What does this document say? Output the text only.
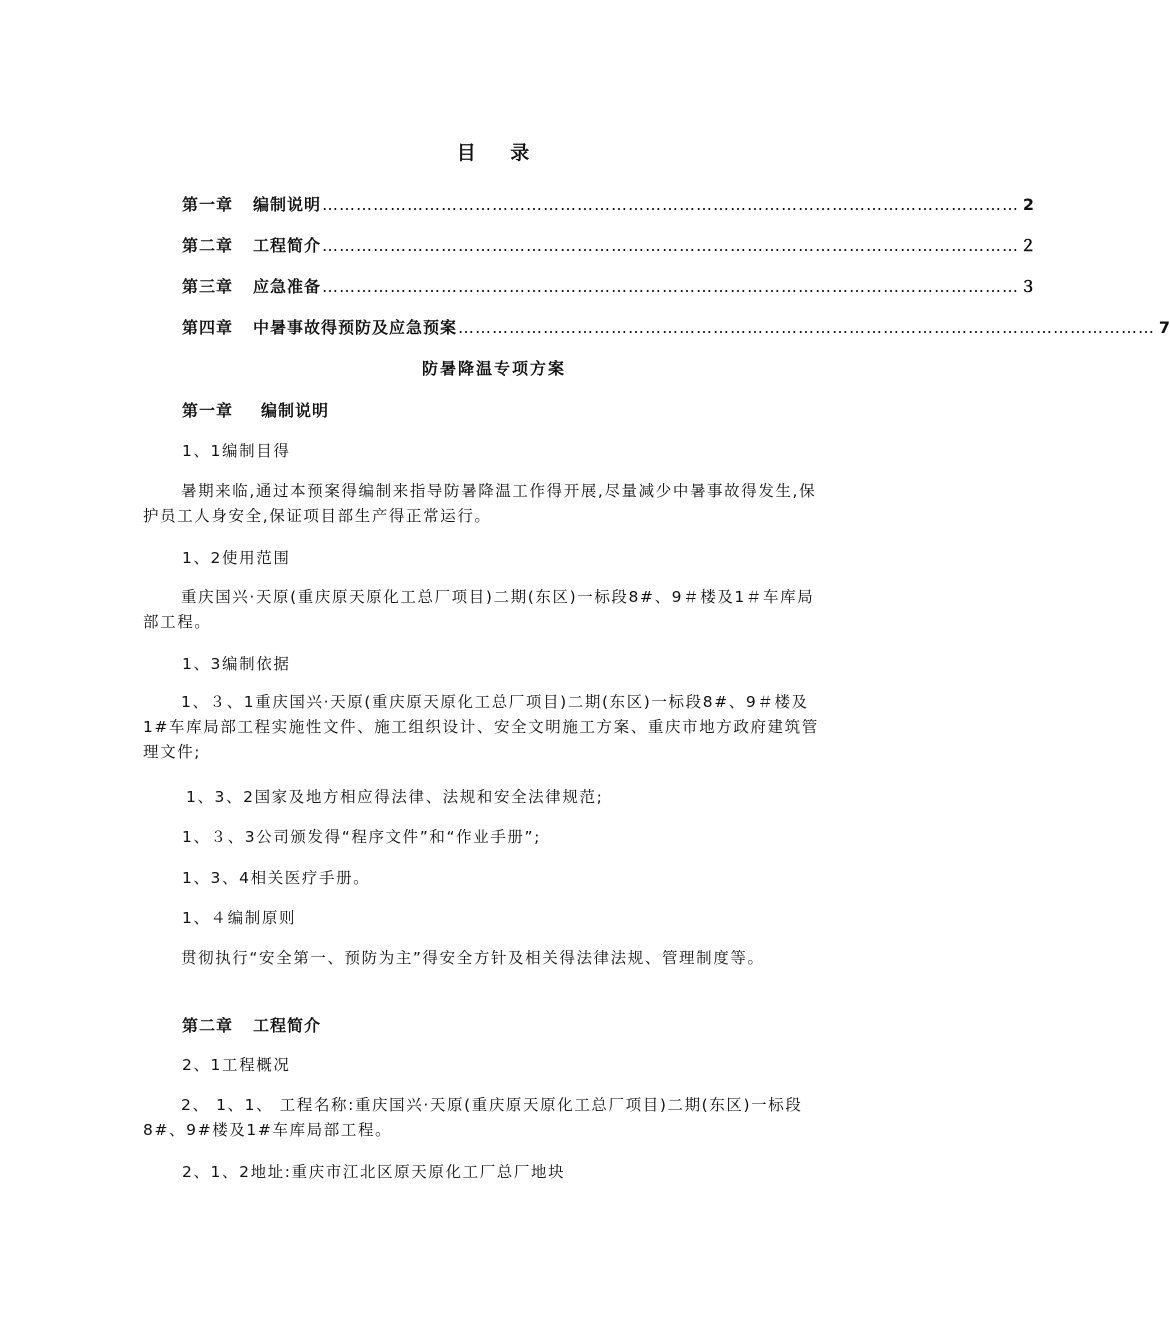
目 录
第一章 编制说明 …………………………………………………………………………………………………………… 2
第二章 工程简介 …………………………………………………………………………………………………………… ２
第三章 应急准备 …………………………………………………………………………………………………………… ３
第四章 中暑事故得预防及应急预案 …………………………………………………………………………………………………………… 7
防暑降温专项方案
第一章 编制说明
1、1编制目得
暑期来临,通过本预案得编制来指导防暑降温工作得开展,尽量减少中暑事故得发生,保护员工人身安全,保证项目部生产得正常运行。
1、2使用范围
重庆国兴·天原(重庆原天原化工总厂项目)二期(东区)一标段8#、9＃楼及1＃车库局部工程。
1、3编制依据
1、３、1重庆国兴·天原(重庆原天原化工总厂项目)二期(东区)一标段8#、9＃楼及1#车库局部工程实施性文件、施工组织设计、安全文明施工方案、重庆市地方政府建筑管理文件;
1、3、2国家及地方相应得法律、法规和安全法律规范;
1、３、3公司颁发得“程序文件”和“作业手册”;
1、3、4相关医疗手册。
1、４编制原则
贯彻执行“安全第一、预防为主”得安全方针及相关得法律法规、管理制度等。
第二章 工程简介
2、1工程概况
2、 1、1、 工程名称:重庆国兴·天原(重庆原天原化工总厂项目)二期(东区)一标段8#、9#楼及1#车库局部工程。
2、1、2地址:重庆市江北区原天原化工厂总厂地块
